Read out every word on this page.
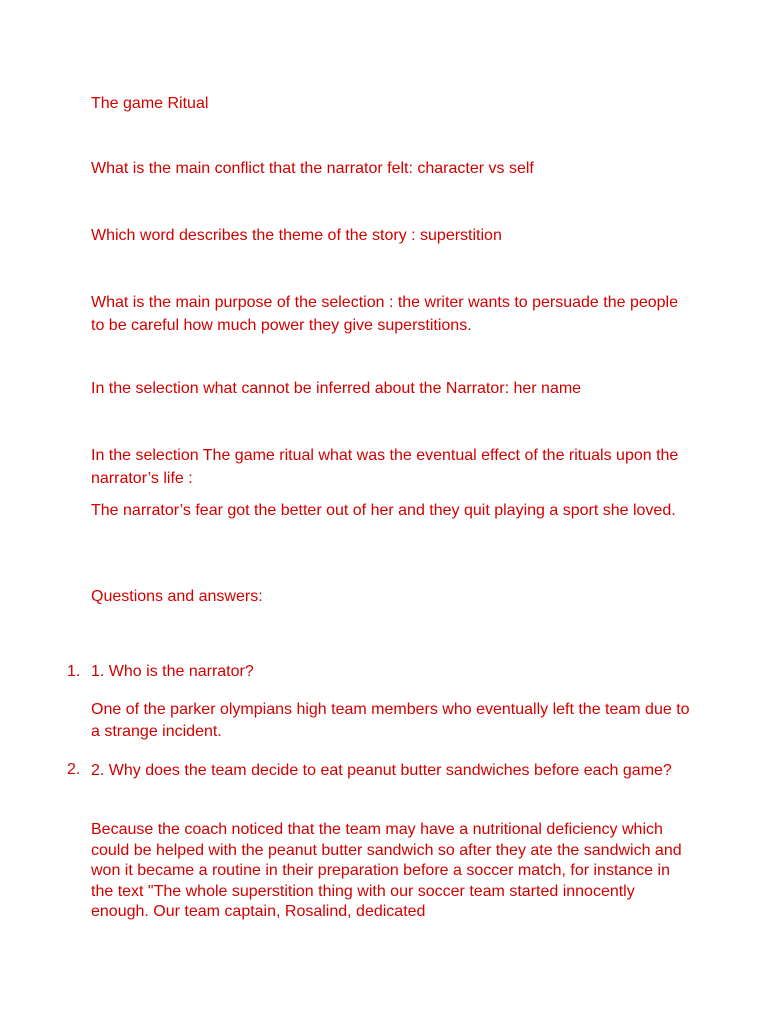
The game Ritual

What is the main conflict that the narrator felt: character vs self

Which word describes the theme of the story : superstition

What is the main purpose of the selection : the writer wants to persuade the people to be careful how much power they give superstitions.

In the selection what cannot be inferred about the Narrator: her name

In the selection The game ritual what was the eventual effect of the rituals upon the narrator’s life :

The narrator’s fear got the better out of her and they quit playing a sport she loved.

Questions and answers:

1. 1. Who is the narrator?

One of the parker olympians high team members who eventually left the team due to a strange incident.

2. 2. Why does the team decide to eat peanut butter sandwiches before each game?

Because the coach noticed that the team may have a nutritional deficiency which could be helped with the peanut butter sandwich so after they ate the sandwich and won it became a routine in their preparation before a soccer match, for instance in the text "The whole superstition thing with our soccer team started innocently enough. Our team captain, Rosalind, dedicated
